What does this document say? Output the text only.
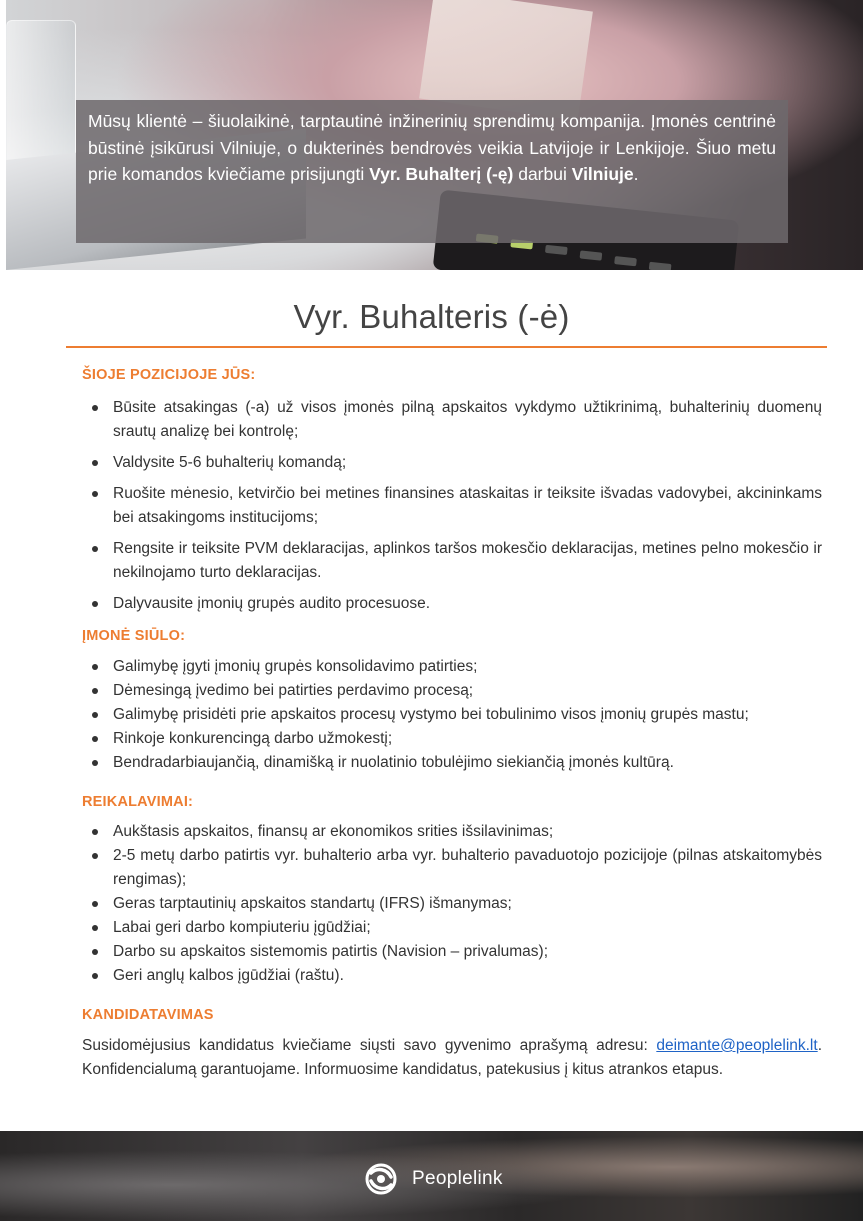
Mūsų klientė – šiuolaikinė, tarptautinė inžinerinių sprendimų kompanija. Įmonės centrinė būstinė įsikūrusi Vilniuje, o dukterinės bendrovės veikia Latvijoje ir Lenkijoje. Šiuo metu prie komandos kviečiame prisijungti Vyr. Buhalterį (-ę) darbui Vilniuje.
Vyr. Buhalteris (-ė)
ŠIOJE POZICIJOJE JŪS:
Būsite atsakingas (-a) už visos įmonės pilną apskaitos vykdymo užtikrinimą, buhalterinių duomenų srautų analizę bei kontrolę;
Valdysite 5-6 buhalterių komandą;
Ruošite mėnesio, ketvirčio bei metines finansines ataskaitas ir teiksite išvadas vadovybei, akcininkams bei atsakingoms institucijoms;
Rengsite ir teiksite PVM deklaracijas, aplinkos taršos mokesčio deklaracijas, metines pelno mokesčio ir nekilnojamo turto deklaracijas.
Dalyvausite įmonių grupės audito procesuose.
ĮMONĖ SIŪLO:
Galimybę įgyti įmonių grupės konsolidavimo patirties;
Dėmesingą įvedimo bei patirties perdavimo procesą;
Galimybę prisidėti prie apskaitos procesų vystymo bei tobulinimo visos įmonių grupės mastu;
Rinkoje konkurencingą darbo užmokestį;
Bendradarbiaujančią, dinamišką ir nuolatinio tobulėjimo siekiančią įmonės kultūrą.
REIKALAVIMAI:
Aukštasis apskaitos, finansų ar ekonomikos srities išsilavinimas;
2-5 metų darbo patirtis vyr. buhalterio arba vyr. buhalterio pavaduotojo pozicijoje (pilnas atskaitomybės rengimas);
Geras tarptautinių apskaitos standartų (IFRS) išmanymas;
Labai geri darbo kompiuteriu įgūdžiai;
Darbo su apskaitos sistemomis patirtis (Navision – privalumas);
Geri anglų kalbos įgūdžiai (raštu).
KANDIDATAVIMAS

Susidomėjusius kandidatus kviečiame siųsti savo gyvenimo aprašymą adresu: deimante@peoplelink.lt. Konfidencialumą garantuojame. Informuosime kandidatus, patekusius į kitus atrankos etapus.

Peoplelink
